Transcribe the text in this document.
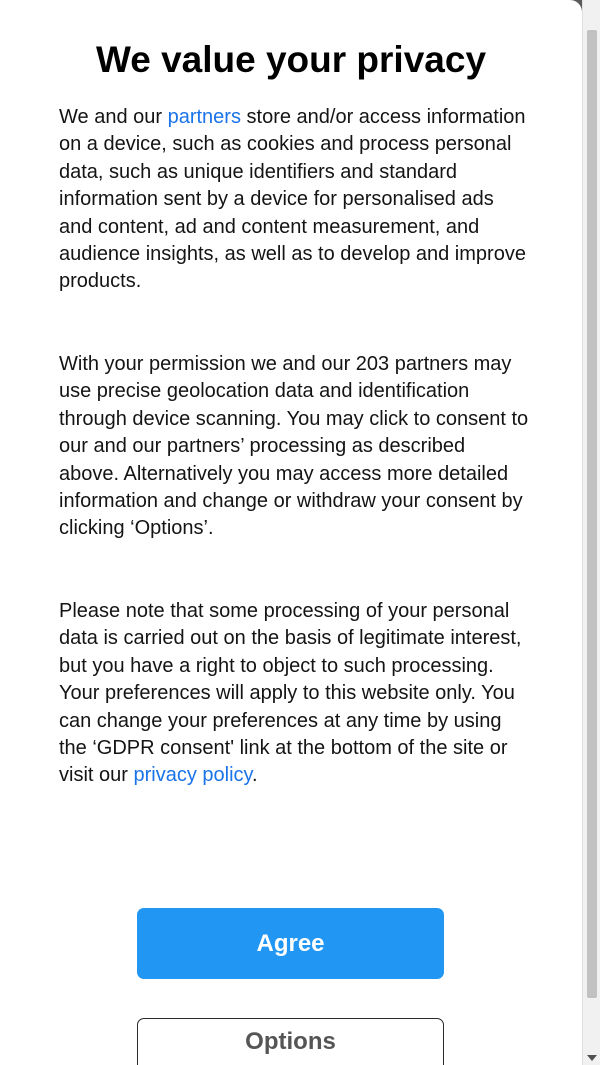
We value your privacy
We and our partners store and/or access information on a device, such as cookies and process personal data, such as unique identifiers and standard information sent by a device for personalised ads and content, ad and content measurement, and audience insights, as well as to develop and improve products.
With your permission we and our 203 partners may use precise geolocation data and identification through device scanning. You may click to consent to our and our partners’ processing as described above. Alternatively you may access more detailed information and change or withdraw your consent by clicking ‘Options’.
Please note that some processing of your personal data is carried out on the basis of legitimate interest, but you have a right to object to such processing. Your preferences will apply to this website only. You can change your preferences at any time by using the ‘GDPR consent' link at the bottom of the site or visit our privacy policy.
Agree
Options
